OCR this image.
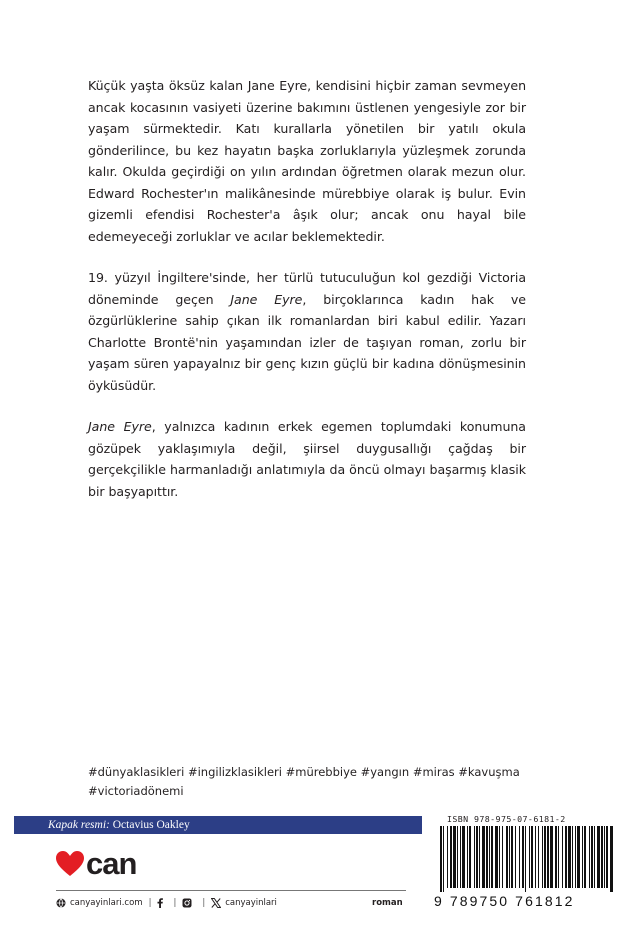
Küçük yaşta öksüz kalan Jane Eyre, kendisini hiçbir zaman sevmeyen ancak kocasının vasiyeti üzerine bakımını üstlenen yengesiyle zor bir yaşam sürmektedir. Katı kurallarla yönetilen bir yatılı okula gönderilince, bu kez hayatın başka zorluklarıyla yüzleşmek zorunda kalır. Okulda geçirdiği on yılın ardından öğretmen olarak mezun olur. Edward Rochester'ın malikânesinde mürebbiye olarak iş bulur. Evin gizemli efendisi Rochester'a âşık olur; ancak onu hayal bile edemeyeceği zorluklar ve acılar beklemektedir.

19. yüzyıl İngiltere'sinde, her türlü tutuculuğun kol gezdiği Victoria döneminde geçen Jane Eyre, birçoklarınca kadın hak ve özgürlüklerine sahip çıkan ilk romanlardan biri kabul edilir. Yazarı Charlotte Brontë'nin yaşamından izler de taşıyan roman, zorlu bir yaşam süren yapayalnız bir genç kızın güçlü bir kadına dönüşmesinin öyküsüdür.

Jane Eyre, yalnızca kadının erkek egemen toplumdaki konumuna gözüpek yaklaşımıyla değil, şiirsel duygusallığı çağdaş bir gerçekçilikle harmanladığı anlatımıyla da öncü olmayı başarmış klasik bir başyapıttır.

#dünyaklasikleri #ingilizklasikleri #mürebbiye #yangın #miras #kavuşma #victoriadönemi
Kapak resmi: Octavius Oakley
can
canyayinlari.com |	|	| canyayinlari	roman
ISBN 978-975-07-6181-2
9 789750 761812
